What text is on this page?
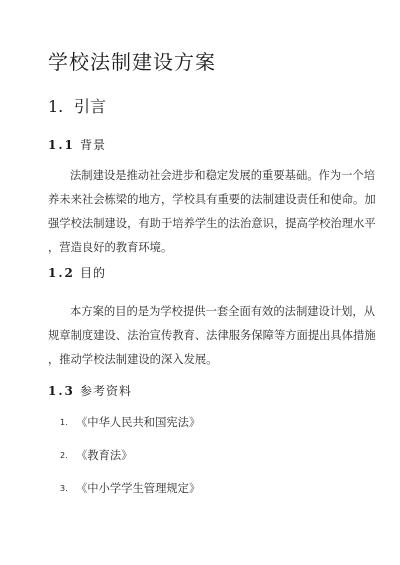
学校法制建设方案
1. 引言
1.1 背景
法制建设是推动社会进步和稳定发展的重要基础。作为一个培
养未来社会栋梁的地方，学校具有重要的法制建设责任和使命。加
强学校法制建设，有助于培养学生的法治意识，提高学校治理水平
，营造良好的教育环境。
1.2 目的
本方案的目的是为学校提供一套全面有效的法制建设计划，从
规章制度建设、法治宣传教育、法律服务保障等方面提出具体措施
，推动学校法制建设的深入发展。
1.3 参考资料
1. 《中华人民共和国宪法》
2. 《教育法》
3. 《中小学学生管理规定》
